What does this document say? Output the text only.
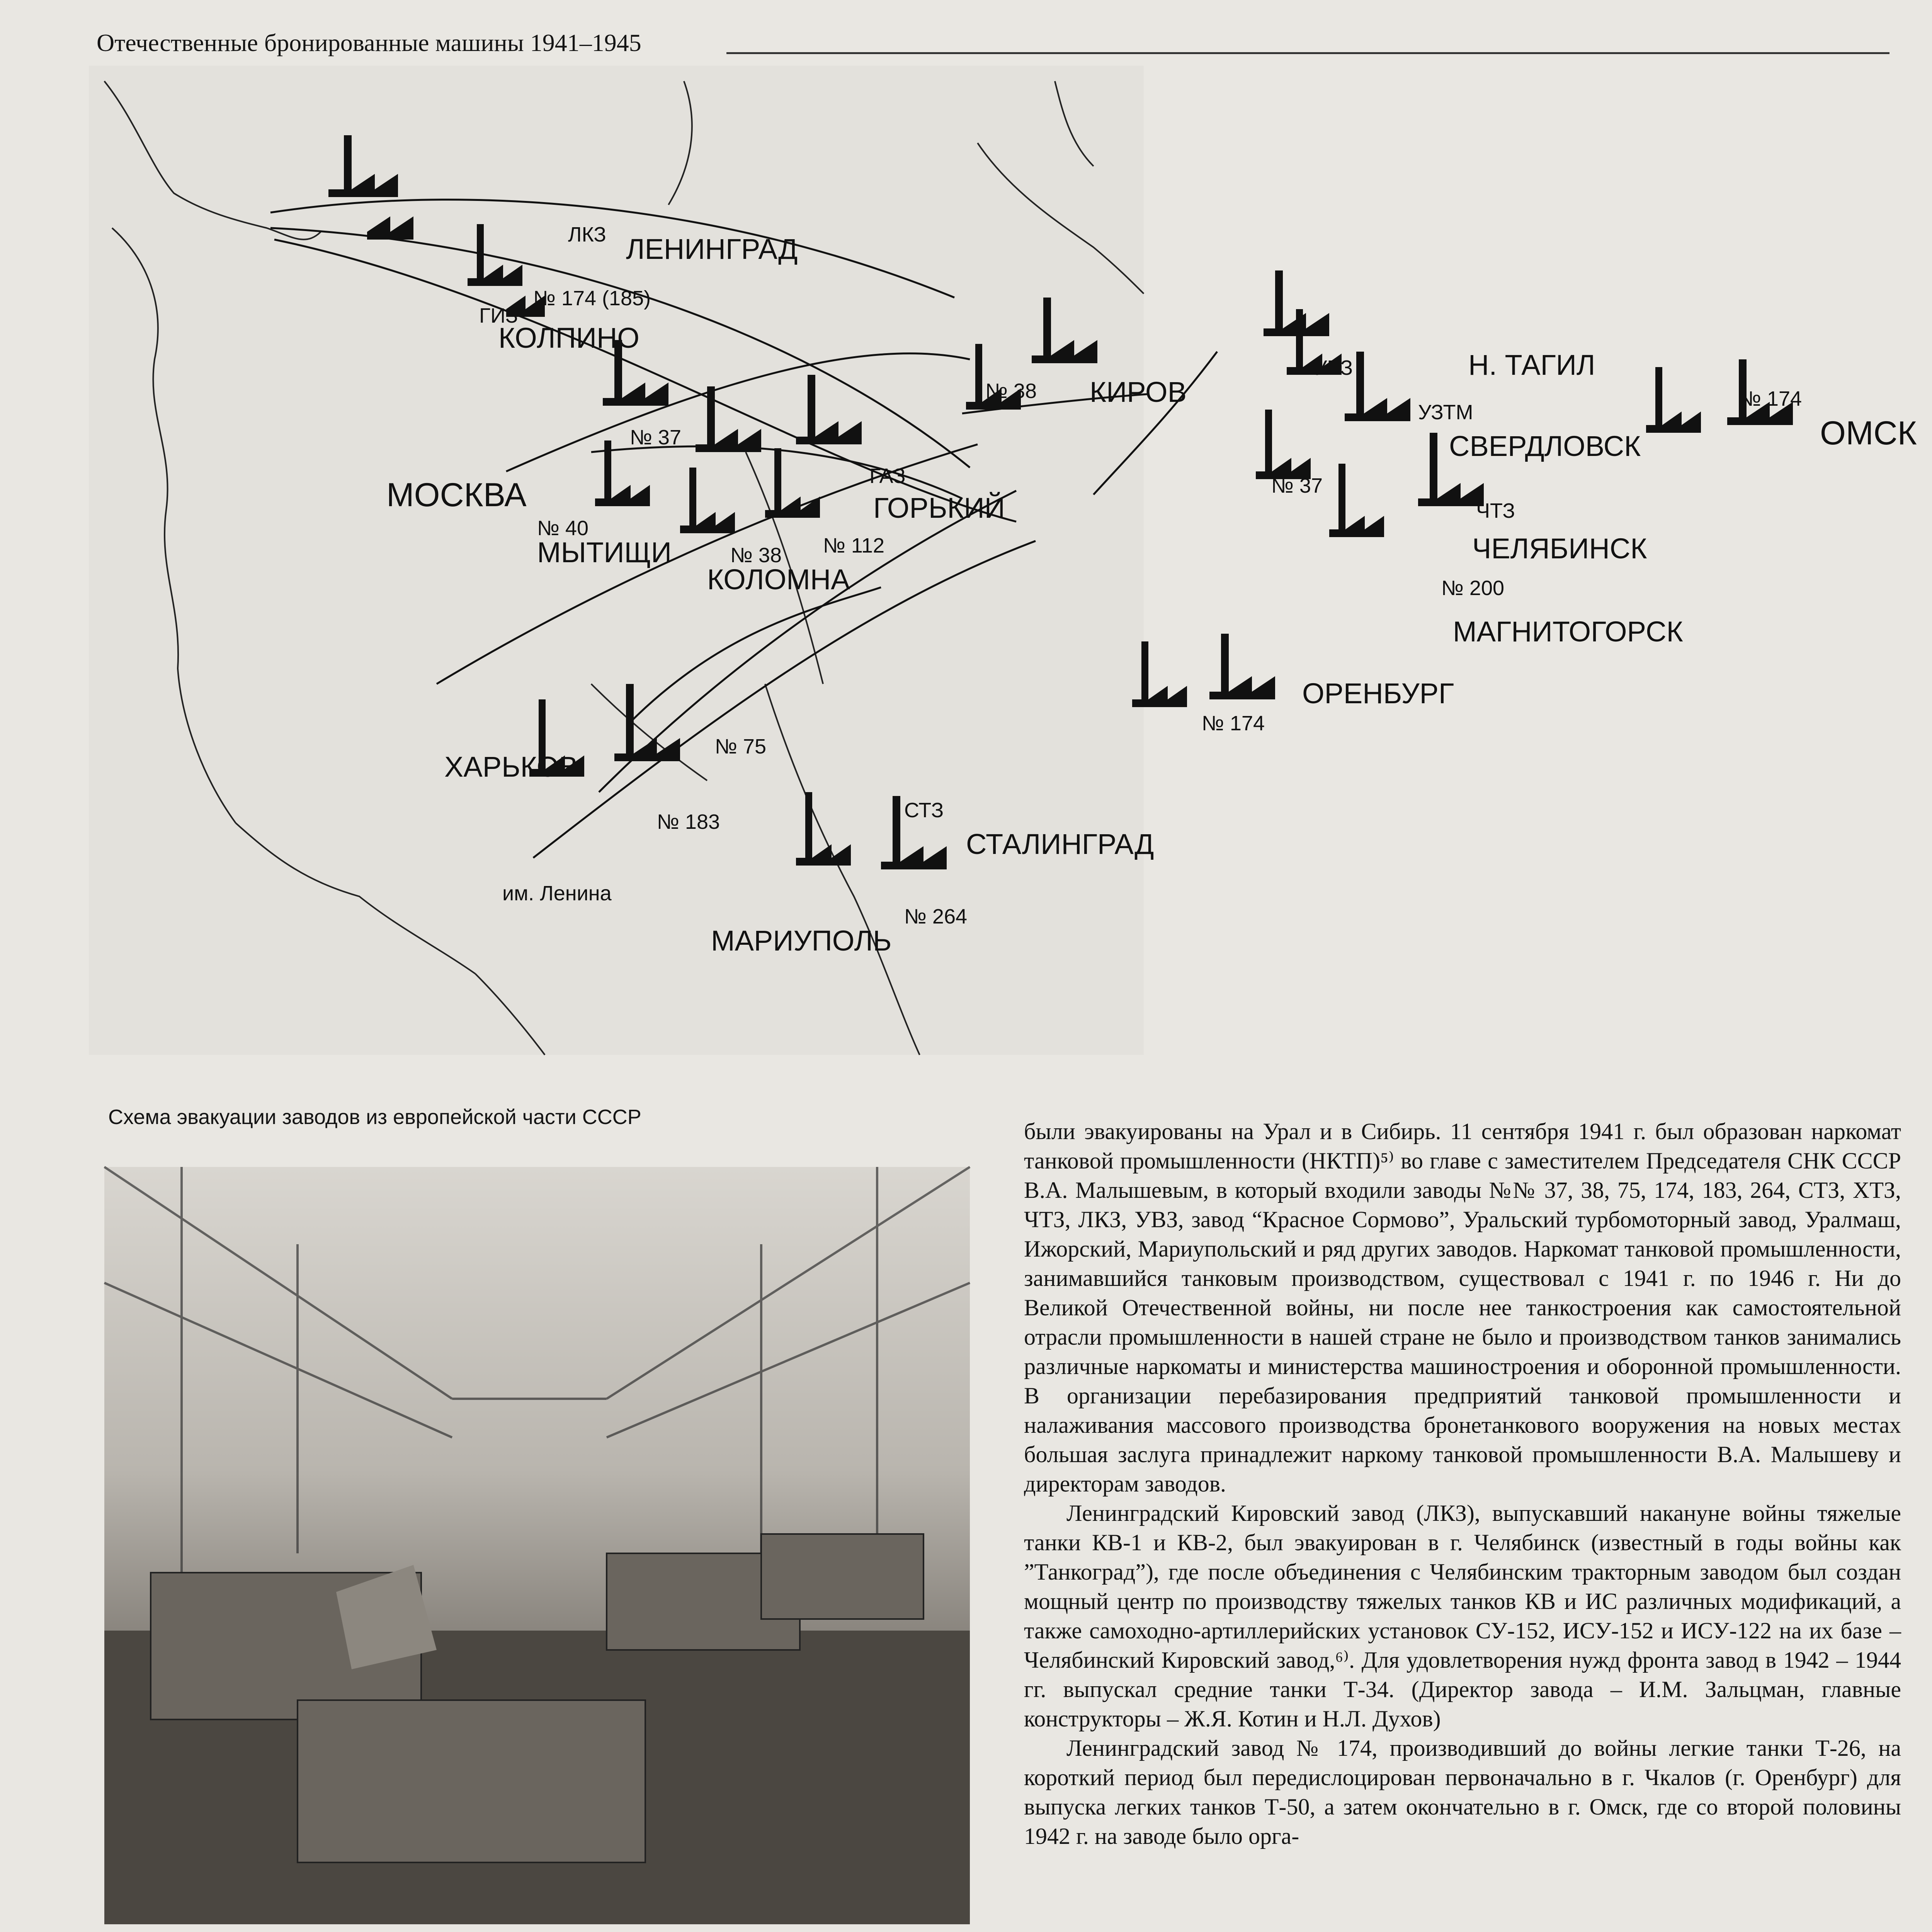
Отечественные бронированные машины 1941–1945
ЛКЗ ЛЕНИНГРАД
№ 174 (185)
ГИЗ
КОЛПИНО
№ 37
МОСКВА
№ 40
МЫТИЩИ	№ 38
КОЛОМНА
ГАЗ
№ 112
ГОРЬКИЙ
№ 38 КИРОВ
УВЗ	Н. ТАГИЛ
УЗТМ
СВЕРДЛОВСК
№ 37
ЧТЗ
ЧЕЛЯБИНСК
№ 200
МАГНИТОГОРСК
ОРЕНБУРГ
№ 174
№ 174
ОМСК
№ 75
ХАРЬКОВ
№ 183	СТЗ
СТАЛИНГРАД
им. Ленина
№ 264
МАРИУПОЛЬ
Схема эвакуации заводов из европейской части СССР

были эвакуированы на Урал и в Сибирь. 11 сентября 1941 г. был образован наркомат танковой промышленности (НКТП)⁵⁾ во главе с заместителем Председателя СНК СССР В.А. Малышевым, в который входили заводы №№ 37, 38, 75, 174, 183, 264, СТЗ, ХТЗ, ЧТЗ, ЛКЗ, УВЗ, завод “Красное Сормово”, Уральский турбомоторный завод, Уралмаш, Ижорский, Мариупольский и ряд других заводов. Наркомат танковой промышленности, занимавшийся танковым производством, существовал с 1941 г. по 1946 г. Ни до Великой Отечественной войны, ни после нее танкостроения как самостоятельной отрасли промышленности в нашей стране не было и производством танков занимались различные наркоматы и министерства машиностроения и оборонной промышленности. В организации перебазирования предприятий танковой промышленности и налаживания массового производства бронетанкового вооружения на новых местах большая заслуга принадлежит наркому танковой промышленности В.А. Малышеву и директорам заводов.

Ленинградский Кировский завод (ЛКЗ), выпускавший накануне войны тяжелые танки КВ-1 и КВ-2, был эвакуирован в г. Челябинск (известный в годы войны как ”Танкоград”), где после объединения с Челябинским тракторным заводом был создан мощный центр по производству тяжелых танков КВ и ИС различных модификаций, а также самоходно-артиллерийских установок СУ-152, ИСУ-152 и ИСУ-122 на их базе – Челябинский Кировский завод,⁶⁾. Для удовлетворения нужд фронта завод в 1942 – 1944 гг. выпускал средние танки Т-34. (Директор завода – И.М. Зальцман, главные конструкторы – Ж.Я. Котин и Н.Л. Духов)

Ленинградский завод № 174, производивший до войны легкие танки Т-26, на короткий период был передислоцирован первоначально в г. Чкалов (г. Оренбург) для выпуска легких танков Т-50, а затем окончательно в г. Омск, где со второй половины 1942 г. на заводе было орга-
